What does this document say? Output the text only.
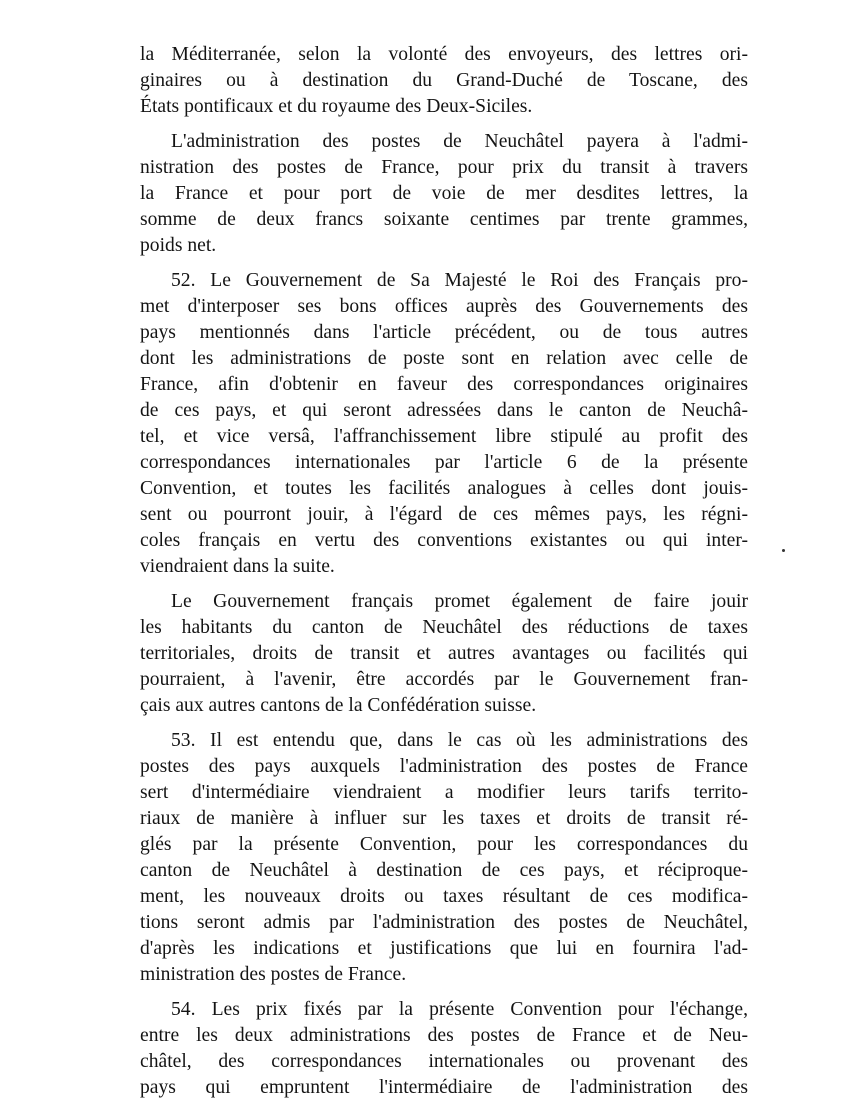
la Méditerranée, selon la volonté des envoyeurs, des lettres ori-
ginaires ou à destination du Grand-Duché de Toscane, des
États pontificaux et du royaume des Deux-Siciles.
L'administration des postes de Neuchâtel payera à l'admi-
nistration des postes de France, pour prix du transit à travers
la France et pour port de voie de mer desdites lettres, la
somme de deux francs soixante centimes par trente grammes,
poids net.
52. Le Gouvernement de Sa Majesté le Roi des Français pro-
met d'interposer ses bons offices auprès des Gouvernements des
pays mentionnés dans l'article précédent, ou de tous autres
dont les administrations de poste sont en relation avec celle de
France, afin d'obtenir en faveur des correspondances originaires
de ces pays, et qui seront adressées dans le canton de Neuchâ-
tel, et vice versâ, l'affranchissement libre stipulé au profit des
correspondances internationales par l'article 6 de la présente
Convention, et toutes les facilités analogues à celles dont jouis-
sent ou pourront jouir, à l'égard de ces mêmes pays, les régni-
coles français en vertu des conventions existantes ou qui inter-
viendraient dans la suite.
Le Gouvernement français promet également de faire jouir
les habitants du canton de Neuchâtel des réductions de taxes
territoriales, droits de transit et autres avantages ou facilités qui
pourraient, à l'avenir, être accordés par le Gouvernement fran-
çais aux autres cantons de la Confédération suisse.
53. Il est entendu que, dans le cas où les administrations des
postes des pays auxquels l'administration des postes de France
sert d'intermédiaire viendraient a modifier leurs tarifs territo-
riaux de manière à influer sur les taxes et droits de transit ré-
glés par la présente Convention, pour les correspondances du
canton de Neuchâtel à destination de ces pays, et réciproque-
ment, les nouveaux droits ou taxes résultant de ces modifica-
tions seront admis par l'administration des postes de Neuchâtel,
d'après les indications et justifications que lui en fournira l'ad-
ministration des postes de France.
54. Les prix fixés par la présente Convention pour l'échange,
entre les deux administrations des postes de France et de Neu-
châtel, des correspondances internationales ou provenant des
pays qui empruntent l'intermédiaire de l'administration des
